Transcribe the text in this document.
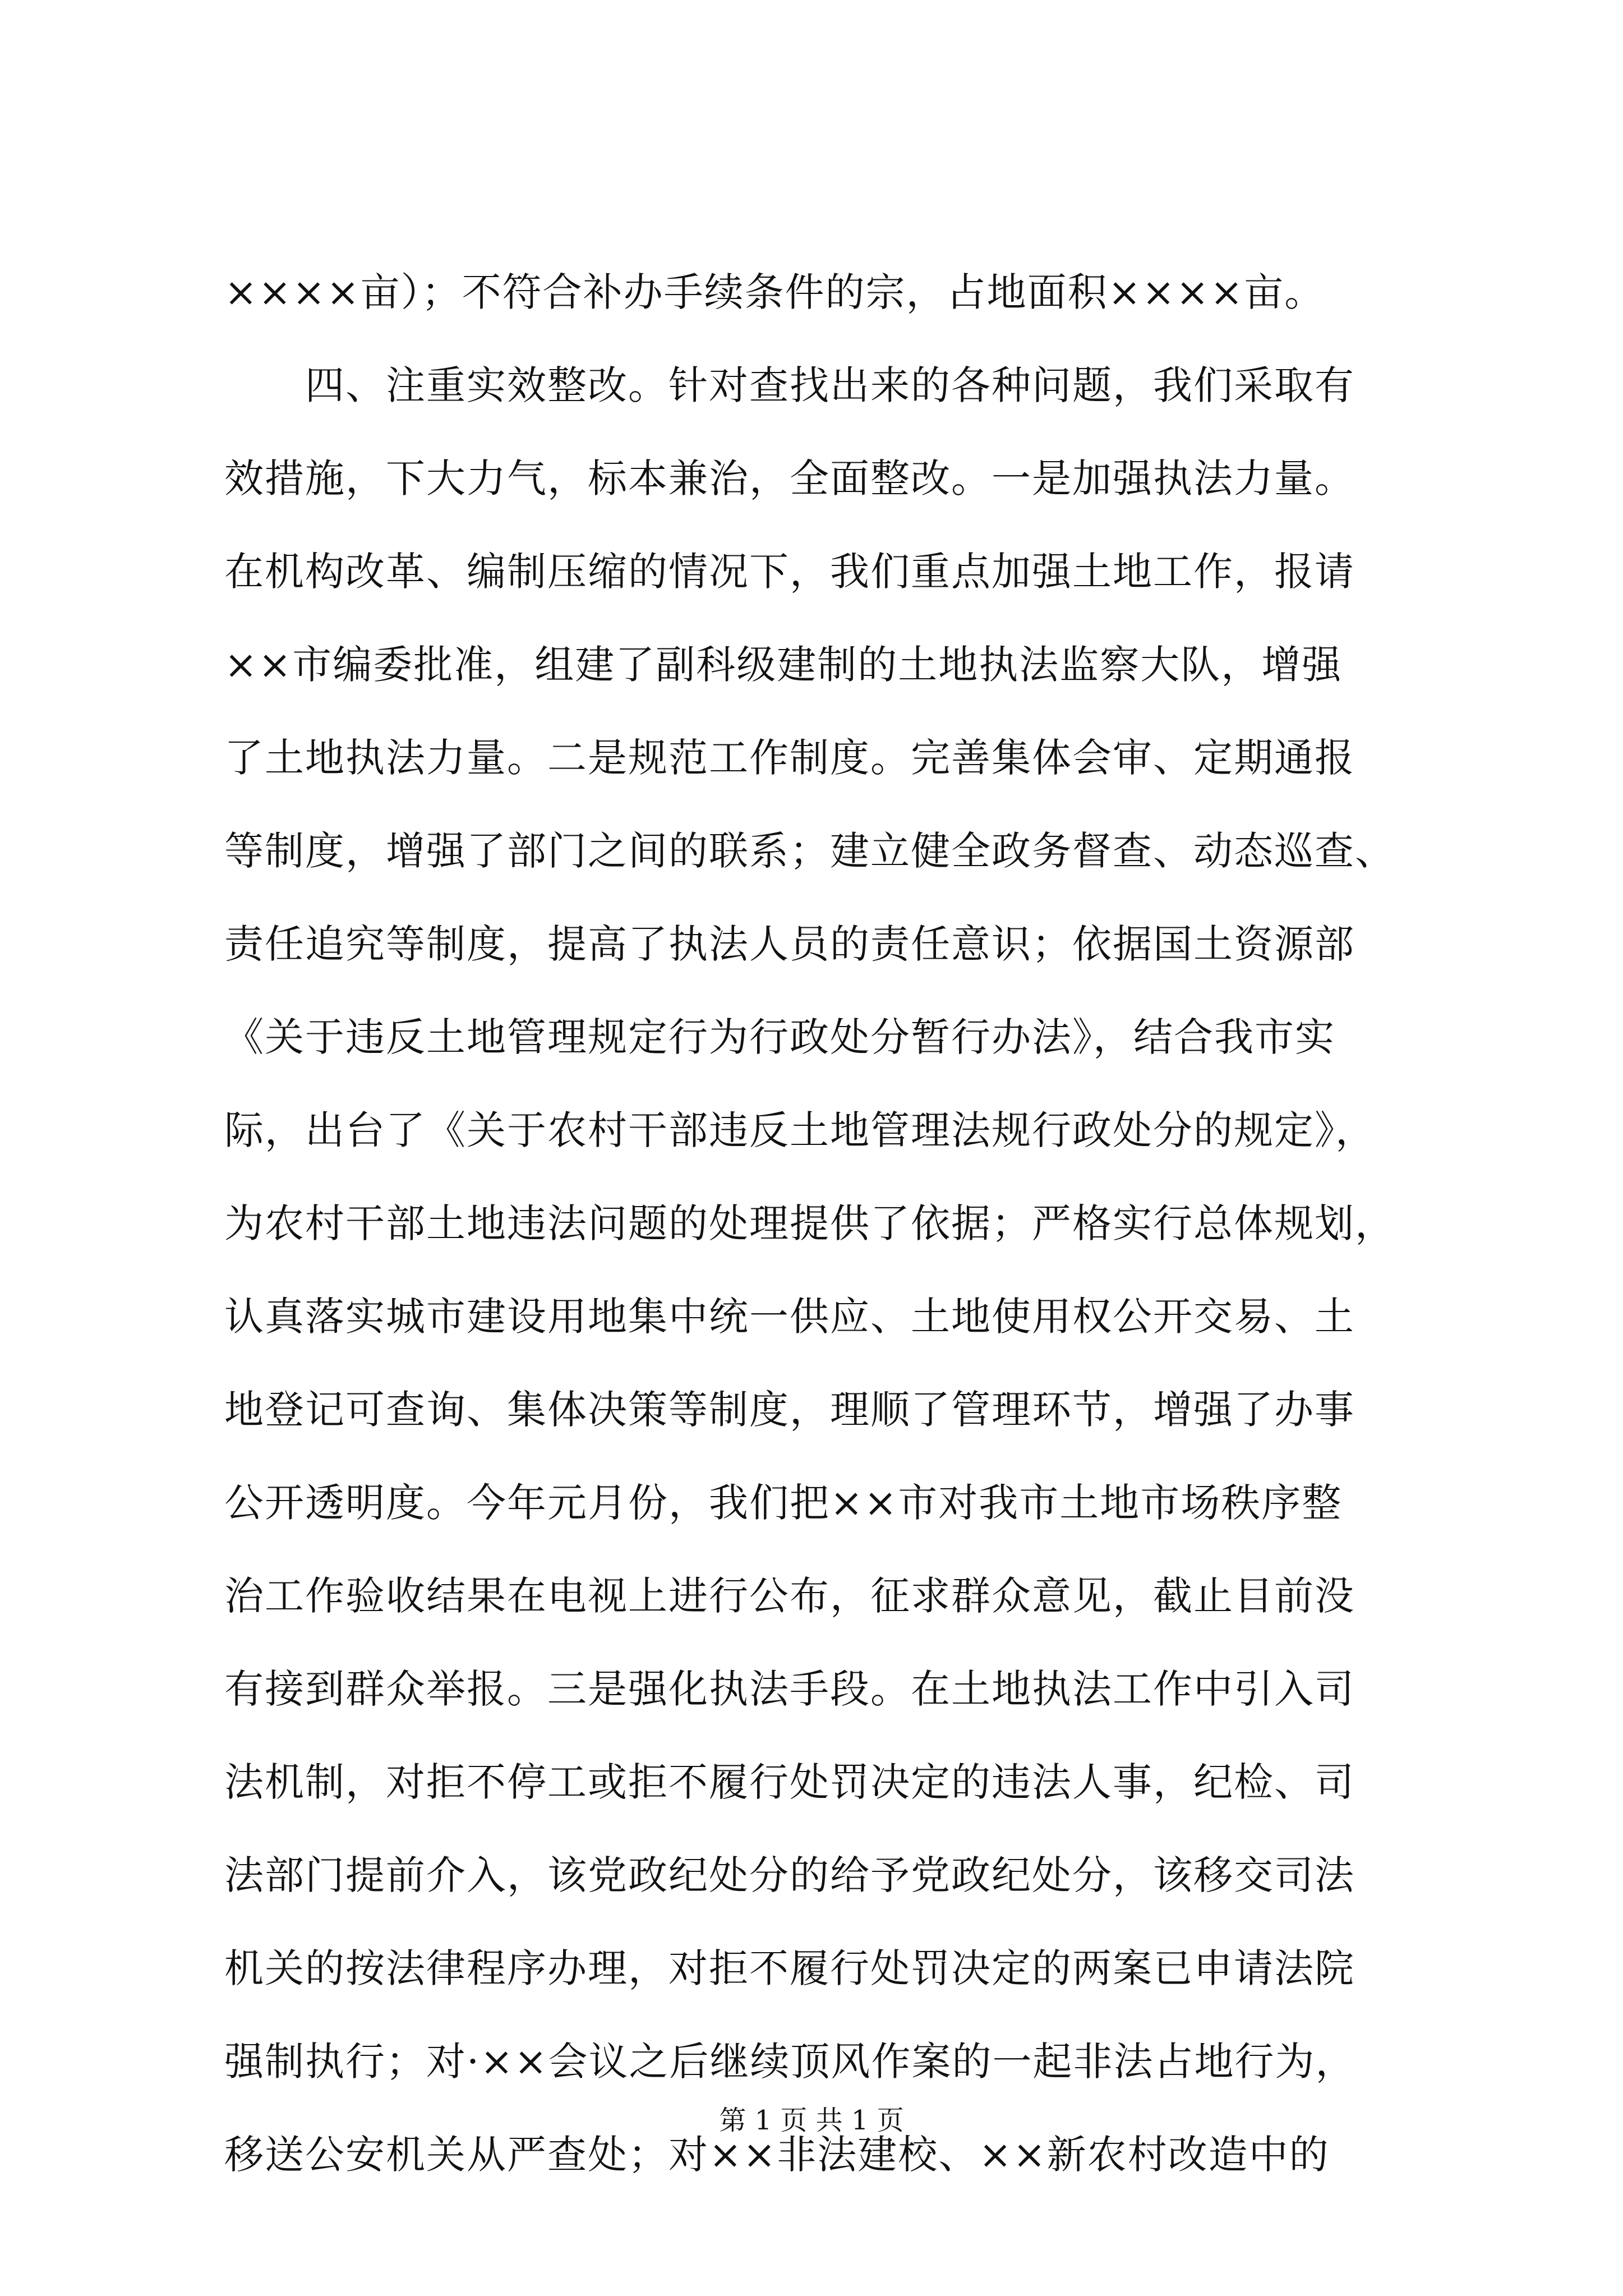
××××亩）；不符合补办手续条件的宗，占地面积××××亩。
　　四、注重实效整改。针对查找出来的各种问题，我们采取有
效措施，下大力气，标本兼治，全面整改。一是加强执法力量。
在机构改革、编制压缩的情况下，我们重点加强土地工作，报请
××市编委批准，组建了副科级建制的土地执法监察大队，增强
了土地执法力量。二是规范工作制度。完善集体会审、定期通报
等制度，增强了部门之间的联系；建立健全政务督查、动态巡查、
责任追究等制度，提高了执法人员的责任意识；依据国土资源部
《关于违反土地管理规定行为行政处分暂行办法》，结合我市实
际，出台了《关于农村干部违反土地管理法规行政处分的规定》，
为农村干部土地违法问题的处理提供了依据；严格实行总体规划，
认真落实城市建设用地集中统一供应、土地使用权公开交易、土
地登记可查询、集体决策等制度，理顺了管理环节，增强了办事
公开透明度。今年元月份，我们把××市对我市土地市场秩序整
治工作验收结果在电视上进行公布，征求群众意见，截止目前没
有接到群众举报。三是强化执法手段。在土地执法工作中引入司
法机制，对拒不停工或拒不履行处罚决定的违法人事，纪检、司
法部门提前介入，该党政纪处分的给予党政纪处分，该移交司法
机关的按法律程序办理，对拒不履行处罚决定的两案已申请法院
强制执行；对·××会议之后继续顶风作案的一起非法占地行为，
移送公安机关从严查处；对××非法建校、××新农村改造中的
第 1 页 共 1 页
